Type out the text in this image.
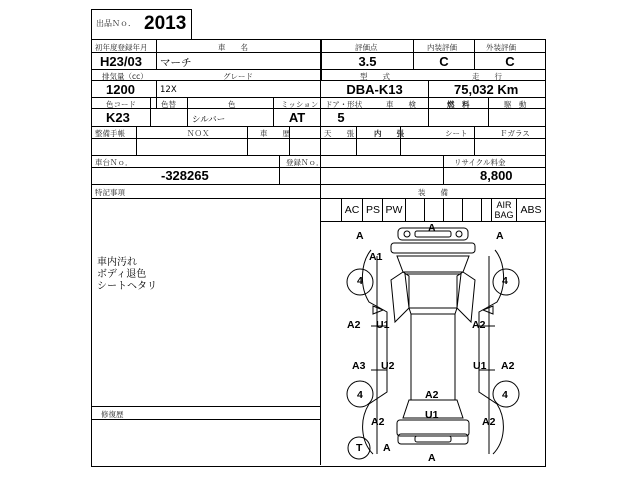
出品Ｎｏ． 2013
初年度登録年月	車　　名	評価点	内装評価	外装評価
H23/03 マーチ	3.5	C	C
排気量（cc）	グレード	型　　式	走　　行
1200	12X	DBA-K13	75,032 Km
色コード	色替	色	ミッション ドア・形状	車　　検	燃　料	駆　動
K23	シルバー	AT	5
整備手帳	ＮＯＸ	車　　歴	天　　張	内　　張	シート	Ｆガラス
車台Ｎｏ．	登録Ｎｏ．	リサイクル料金
-328265	8,800
特記事項	装　　備
車内汚れ
ボディ退色
シートヘタリ
修復歴
AC PS PW	AIR BAG ABS
A
A	A
A1
4	4
A2 U1	A2
A3 U2	U1 A2
4	4
A2
U1
A2	A2
T A
A
